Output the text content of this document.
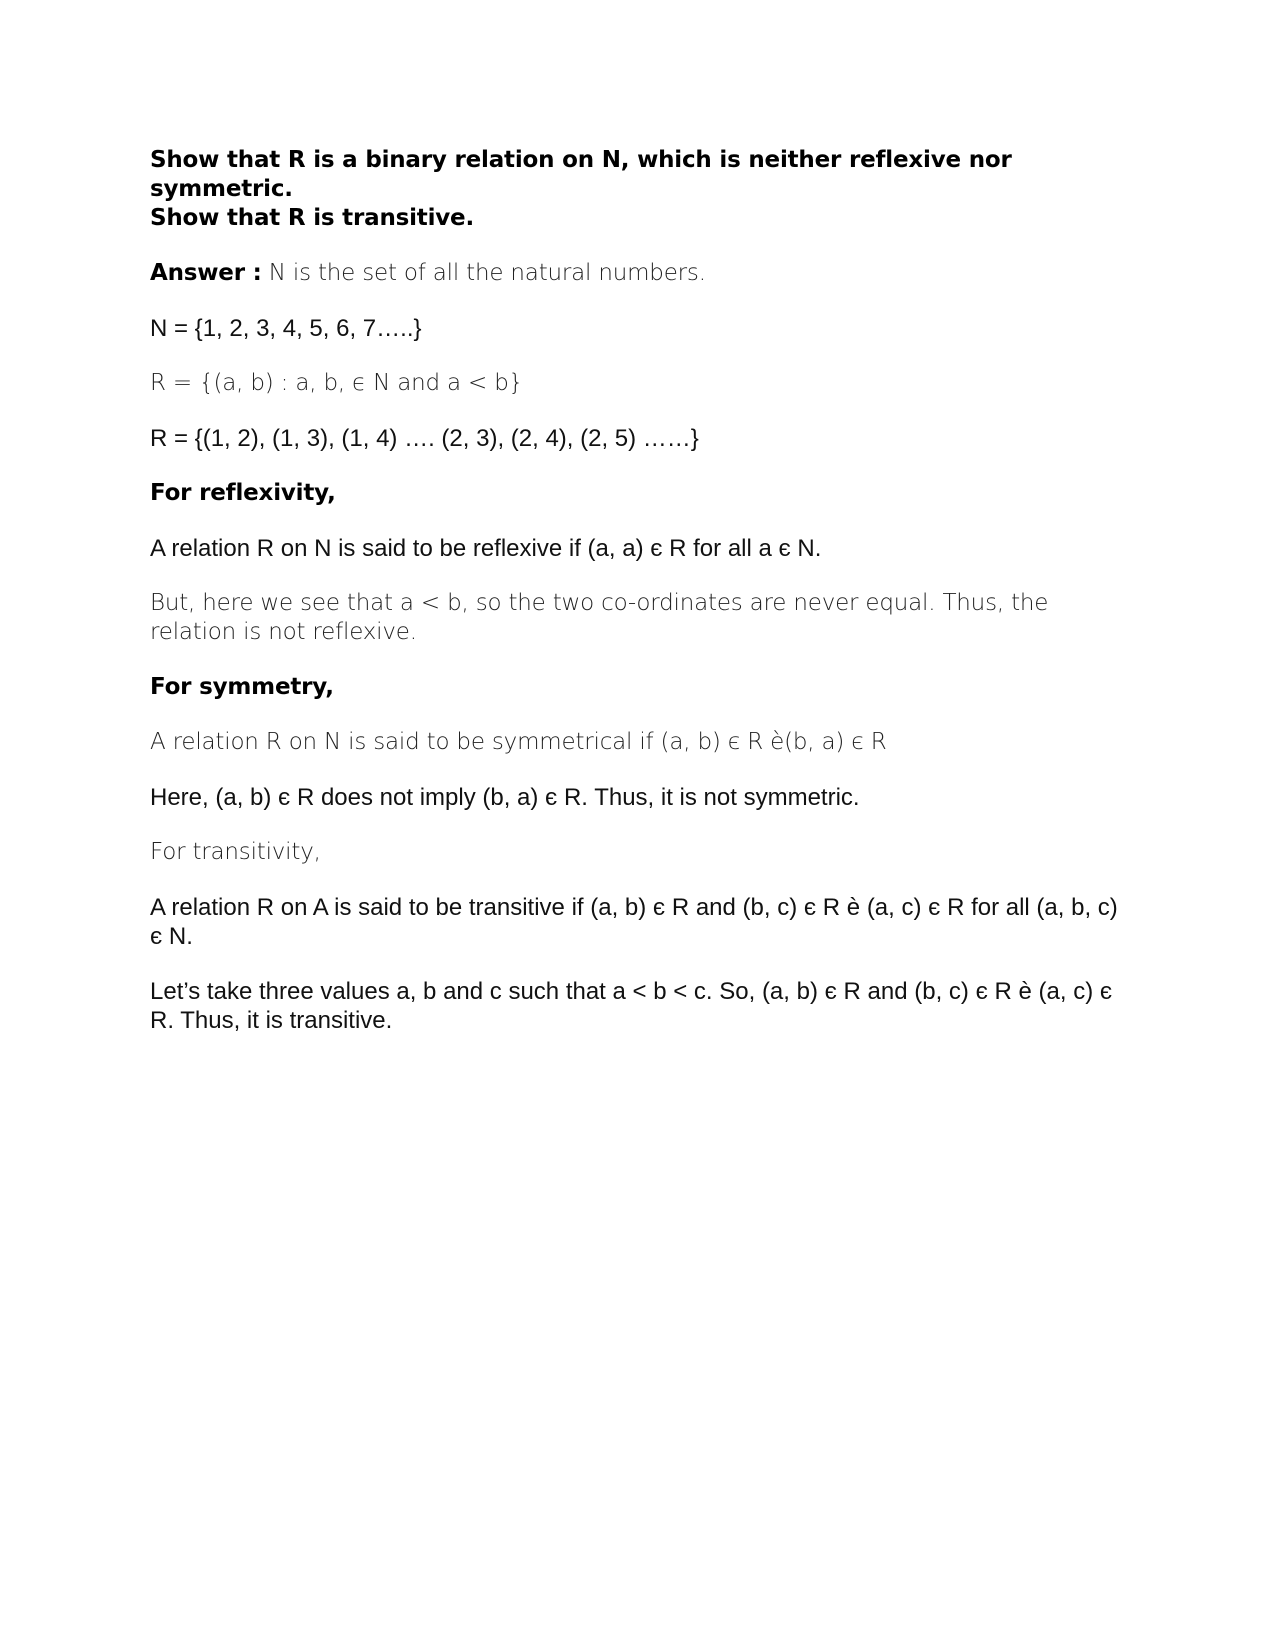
Show that R is a binary relation on N, which is neither reflexive nor symmetric.
Show that R is transitive.

Answer : N is the set of all the natural numbers.

N = {1, 2, 3, 4, 5, 6, 7…..}

R = {(a, b) : a, b, ϵ N and a < b}

R = {(1, 2), (1, 3), (1, 4) …. (2, 3), (2, 4), (2, 5) ……}

For reflexivity,

A relation R on N is said to be reflexive if (a, a) є R for all a є N.

But, here we see that a < b, so the two co-ordinates are never equal. Thus, the relation is not reflexive.

For symmetry,

A relation R on N is said to be symmetrical if (a, b) є R è(b, a) є R

Here, (a, b) є R does not imply (b, a) є R. Thus, it is not symmetric.

For transitivity,

A relation R on A is said to be transitive if (a, b) є R and (b, c) є R è (a, c) є R for all (a, b, c) є N.

Let’s take three values a, b and c such that a < b < c. So, (a, b) є R and (b, c) є R è (a, c) є R. Thus, it is transitive.
